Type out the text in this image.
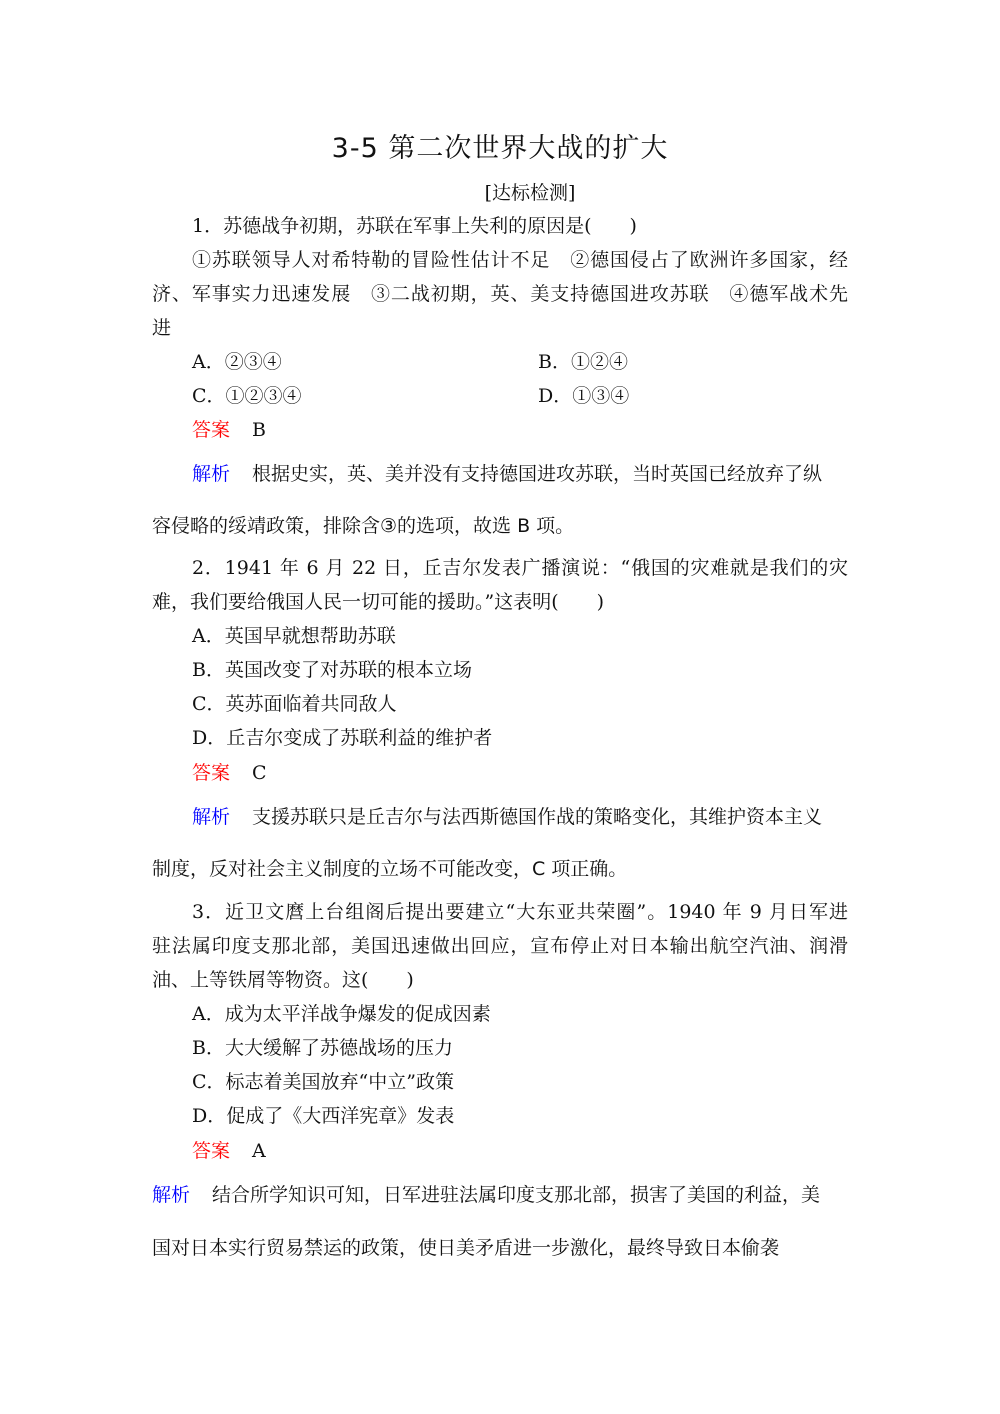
3-5 第二次世界大战的扩大
[达标检测]
1．苏德战争初期，苏联在军事上失利的原因是(　　)
①苏联领导人对希特勒的冒险性估计不足　②德国侵占了欧洲许多国家，经
济、军事实力迅速发展　③二战初期，英、美支持德国进攻苏联　④德军战术先
进
A．②③④	B．①②④
C．①②③④	D．①③④
答案 B
解析 根据史实，英、美并没有支持德国进攻苏联，当时英国已经放弃了纵
容侵略的绥靖政策，排除含③的选项，故选 B 项。
2．1941 年 6 月 22 日，丘吉尔发表广播演说：“俄国的灾难就是我们的灾
难，我们要给俄国人民一切可能的援助。”这表明(　　)
A．英国早就想帮助苏联
B．英国改变了对苏联的根本立场
C．英苏面临着共同敌人
D．丘吉尔变成了苏联利益的维护者
答案 C
解析 支援苏联只是丘吉尔与法西斯德国作战的策略变化，其维护资本主义
制度，反对社会主义制度的立场不可能改变，C 项正确。
3．近卫文麿上台组阁后提出要建立“大东亚共荣圈”。1940 年 9 月日军进
驻法属印度支那北部，美国迅速做出回应，宣布停止对日本输出航空汽油、润滑
油、上等铁屑等物资。这(　　)
A．成为太平洋战争爆发的促成因素
B．大大缓解了苏德战场的压力
C．标志着美国放弃“中立”政策
D．促成了《大西洋宪章》发表
答案 A
解析 结合所学知识可知，日军进驻法属印度支那北部，损害了美国的利益，美
国对日本实行贸易禁运的政策，使日美矛盾进一步激化，最终导致日本偷袭
